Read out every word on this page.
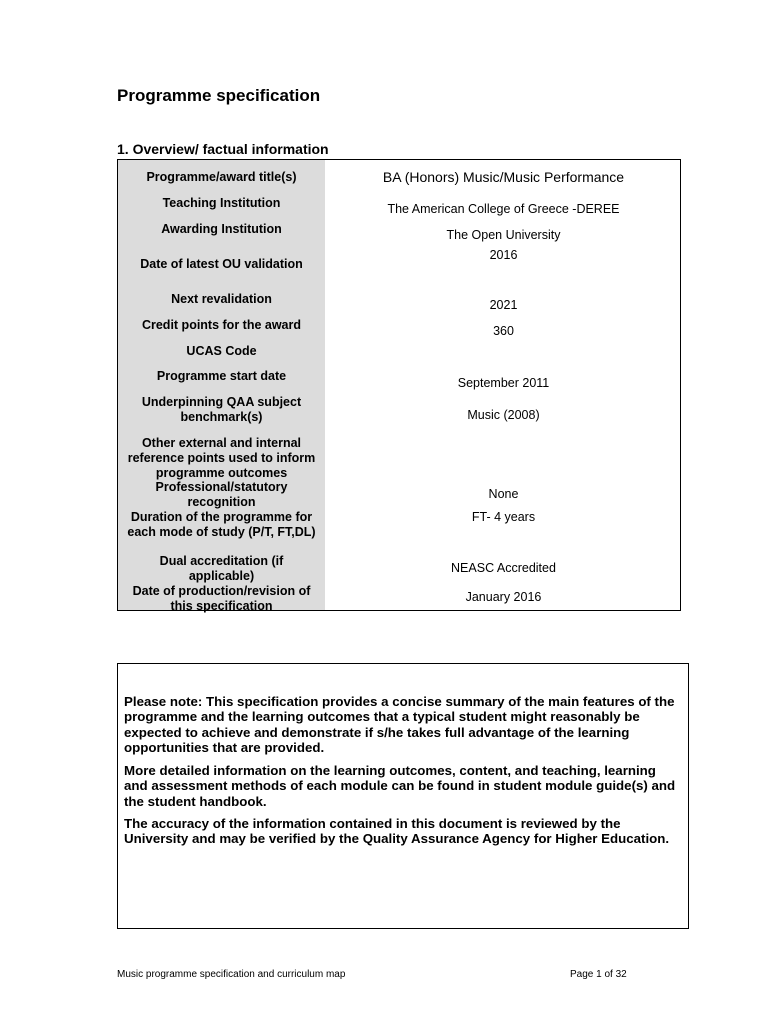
Programme specification
1. Overview/ factual information
Programme/award title(s)
Teaching Institution
Awarding Institution
Date of latest OU validation
Next revalidation
Credit points for the award
UCAS Code
Programme start date
Underpinning QAA subject benchmark(s)
Other external and internal reference points used to inform programme outcomes
Professional/statutory recognition
Duration of the programme for each mode of study (P/T, FT,DL)
Dual accreditation (if applicable)
Date of production/revision of this specification
BA (Honors) Music/Music Performance
The American College of Greece -DEREE
The Open University
2016
2021
360
September 2011
Music (2008)
None
FT- 4 years
NEASC Accredited
January 2016

Please note: This specification provides a concise summary of the main features of the programme and the learning outcomes that a typical student might reasonably be expected to achieve and demonstrate if s/he takes full advantage of the learning opportunities that are provided.

More detailed information on the learning outcomes, content, and teaching, learning and assessment methods of each module can be found in student module guide(s) and the student handbook.

The accuracy of the information contained in this document is reviewed by the University and may be verified by the Quality Assurance Agency for Higher Education.

Music programme specification and curriculum map	Page 1 of 32
